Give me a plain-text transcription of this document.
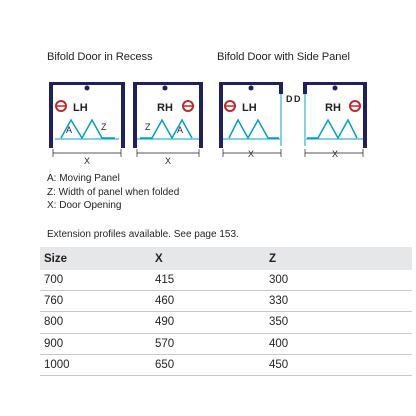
Bifold Door in Recess	Bifold Door with Side Panel
LH
A	Z
X
RH
Z	A
X
LH
D
X
RH
D
X
A: Moving Panel
Z: Width of panel when folded
X: Door Opening
Extension profiles available. See page 153.
Size	X	Z
700	415	300
760	460	330
800	490	350
900	570	400
1000	650	450
